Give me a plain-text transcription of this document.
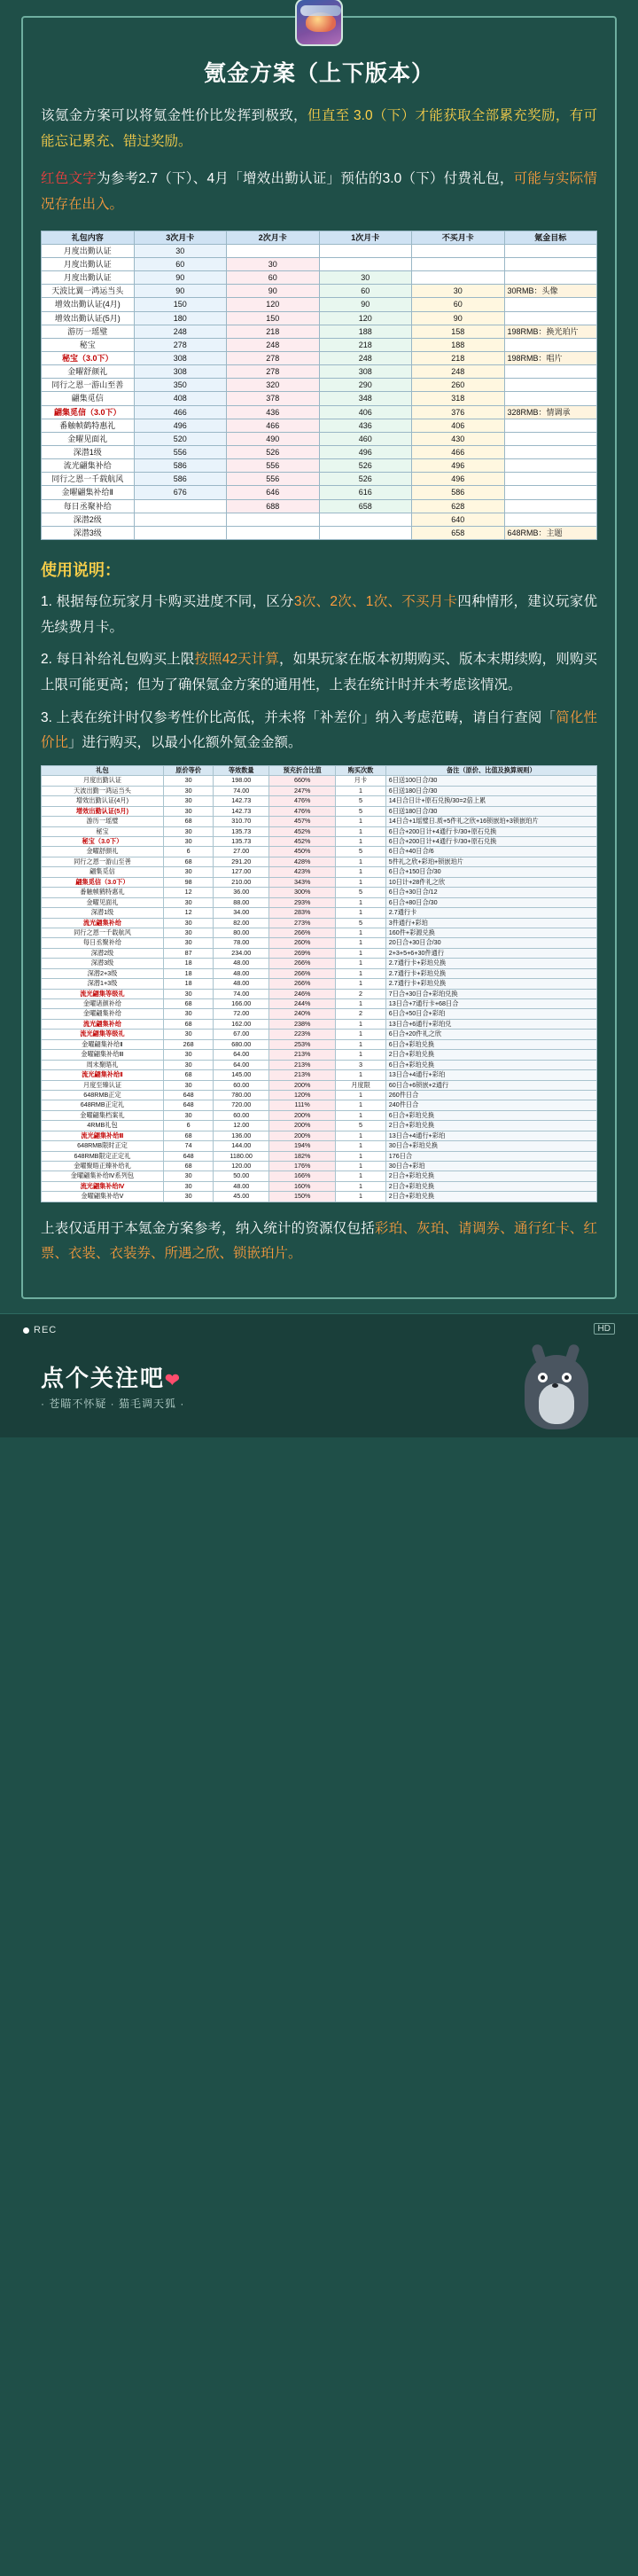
氪金方案（上下版本）

该氪金方案可以将氪金性价比发挥到极致，但直至 3.0（下）才能获取全部累充奖励，有可能忘记累充、错过奖励。

红色文字为参考2.7（下）、4月「增效出勤认证」预估的3.0（下）付费礼包，可能与实际情况存在出入。

礼包内容	3次月卡	2次月卡	1次月卡	不买月卡	氪金目标
月度出勤认证	30				
月度出勤认证	60	30			
月度出勤认证	90	60	30		
天波比翼一鸿运当头	90	90	60	30	30RMB：头像
增效出勤认证(4月)	150	120	90	60	
增效出勤认证(5月)	180	150	120	90	
游历一瑶璧	248	218	188	158	198RMB：换光珀片
秘宝	278	248	218	188	
秘宝（3.0下）	308	278	248	218	198RMB：唱片
金曜舒颜礼	308	278	308	248	
同行之恩一游山至善	350	320	290	260	
翩集觅信	408	378	348	318	
翩集觅信（3.0下）	466	436	406	376	328RMB：情调承
番触帧鹤特惠礼	496	466	436	406	
金曜见面礼	520	490	460	430	
深潜1级	556	526	496	466	
流光翩集补给	586	556	526	496	
同行之恩一千载航风	586	556	526	496	
金曜翩集补给Ⅱ	676	646	616	586	
每日丞聚补给		688	658	628	
深潜2级				640	
深潜3级				658	648RMB：主题
使用说明：
1. 根据每位玩家月卡购买进度不同，区分3次、2次、1次、不买月卡四种情形，建议玩家优先续费月卡。
2. 每日补给礼包购买上限按照42天计算，如果玩家在版本初期购买、版本末期续购，则购买上限可能更高；但为了确保氪金方案的通用性，上表在统计时并未考虑该情况。
3. 上表在统计时仅参考性价比高低，并未将「补差价」纳入考虑范畴，请自行查阅「简化性价比」进行购买，以最小化额外氪金金额。
礼包	原价等价	等效数量	预充折合比值	购买次数	备注（原价、比值及换算规则）
月度出勤认证	30	198.00	660%	月卡	6日送100日合/30
天波出勤一鸿运当头	30	74.00	247%	1	6日送180日合/30
增效出勤认证(4月)	30	142.73	476%	5	14日合日计+原石兑换/30=2倍上累
增效出勤认证(5月)	30	142.73	476%	5	6日送180日合/30
游历一瑶璧	68	310.70	457%	1	14日合+1瑶璧日.质+5件礼之欣+16锁嵌珀+3锁嵌珀片
秘宝	30	135.73	452%	1	6日合+200日计+4通行卡/30+原石兑换
秘宝（3.0下）	30	135.73	452%	1	6日合+200日计+4通行卡/30+原石兑换
金曜舒颜礼	6	27.00	450%	5	6日合+40日合/6
同行之恩一游山至善	68	291.20	428%	1	5件礼之欣+彩珀+锁嵌珀片
翩集觅信	30	127.00	423%	1	6日合+150日合/30
翩集觅信（3.0下）	98	210.00	343%	1	10日计+28件礼之欣
番触帧鹤特惠礼	12	36.00	300%	5	6日合+30日合/12
金曜见面礼	30	88.00	293%	1	6日合+80日合/30
深潜1级	12	34.00	283%	1	2.7通行卡
流光翩集补给	30	82.00	273%	5	3件通行+彩珀
同行之恩一千载航风	30	80.00	266%	1	160件+彩源兑换
每日丞聚补给	30	78.00	260%	1	20日合+30日合/30
深潜2级	87	234.00	269%	1	2+3+5+6+30件通行
深潜3级	18	48.00	266%	1	2.7通行卡+彩珀兑换
深潜2+3级	18	48.00	266%	1	2.7通行卡+彩珀兑换
深潜1+3级	18	48.00	266%	1	2.7通行卡+彩珀兑换
流光翩集等级礼	30	74.00	246%	2	7日合+30日合+彩珀兑换
金曜诸颜补给	68	166.00	244%	1	13日合+7通行卡+68日合
金曜翩集补给	30	72.00	240%	2	6日合+50日合+彩珀
流光翩集补给	68	162.00	238%	1	13日合+6通行+彩珀兑
流光翩集等级礼	30	67.00	223%	1	6日合+20件礼之欣
金曜翩集补给Ⅱ	268	680.00	253%	1	6日合+彩珀兑换
金曜翩集补给Ⅲ	30	64.00	213%	1	2日合+彩珀兑换
周末聚晤礼	30	64.00	213%	3	6日合+彩珀兑换
流光翩集补给Ⅱ	68	145.00	213%	1	13日合+4通行+彩珀
月度至臻认证	30	60.00	200%	月度限	60日合+6锁嵌+2通行
648RMB正定	648	780.00	120%	1	260件日合
648RMB正定礼	648	720.00	111%	1	240件日合
金曜翩集档案礼	30	60.00	200%	1	6日合+彩珀兑换
4RMB礼包	6	12.00	200%	5	2日合+彩珀兑换
流光翩集补给Ⅲ	68	136.00	200%	1	13日合+4通行+彩珀
648RMB限时正定	74	144.00	194%	1	30日合+彩珀兑换
648RMB限定正定礼	648	1180.00	182%	1	176日合
金曜聚晤正臻补给礼	68	120.00	176%	1	30日合+彩珀
金曜翩集补给Ⅳ系列包	30	50.00	166%	1	2日合+彩珀兑换
流光翩集补给Ⅳ	30	48.00	160%	1	2日合+彩珀兑换
金曜翩集补给Ⅴ	30	45.00	150%	1	2日合+彩珀兑换

上表仅适用于本氪金方案参考，纳入统计的资源仅包括彩珀、灰珀、请调券、通行红卡、红票、衣装、衣装券、所遇之欣、锁嵌珀片。

REC	HD
点个关注吧❤
· 苍瞄不怀疑 · 猫毛调天狐 ·
